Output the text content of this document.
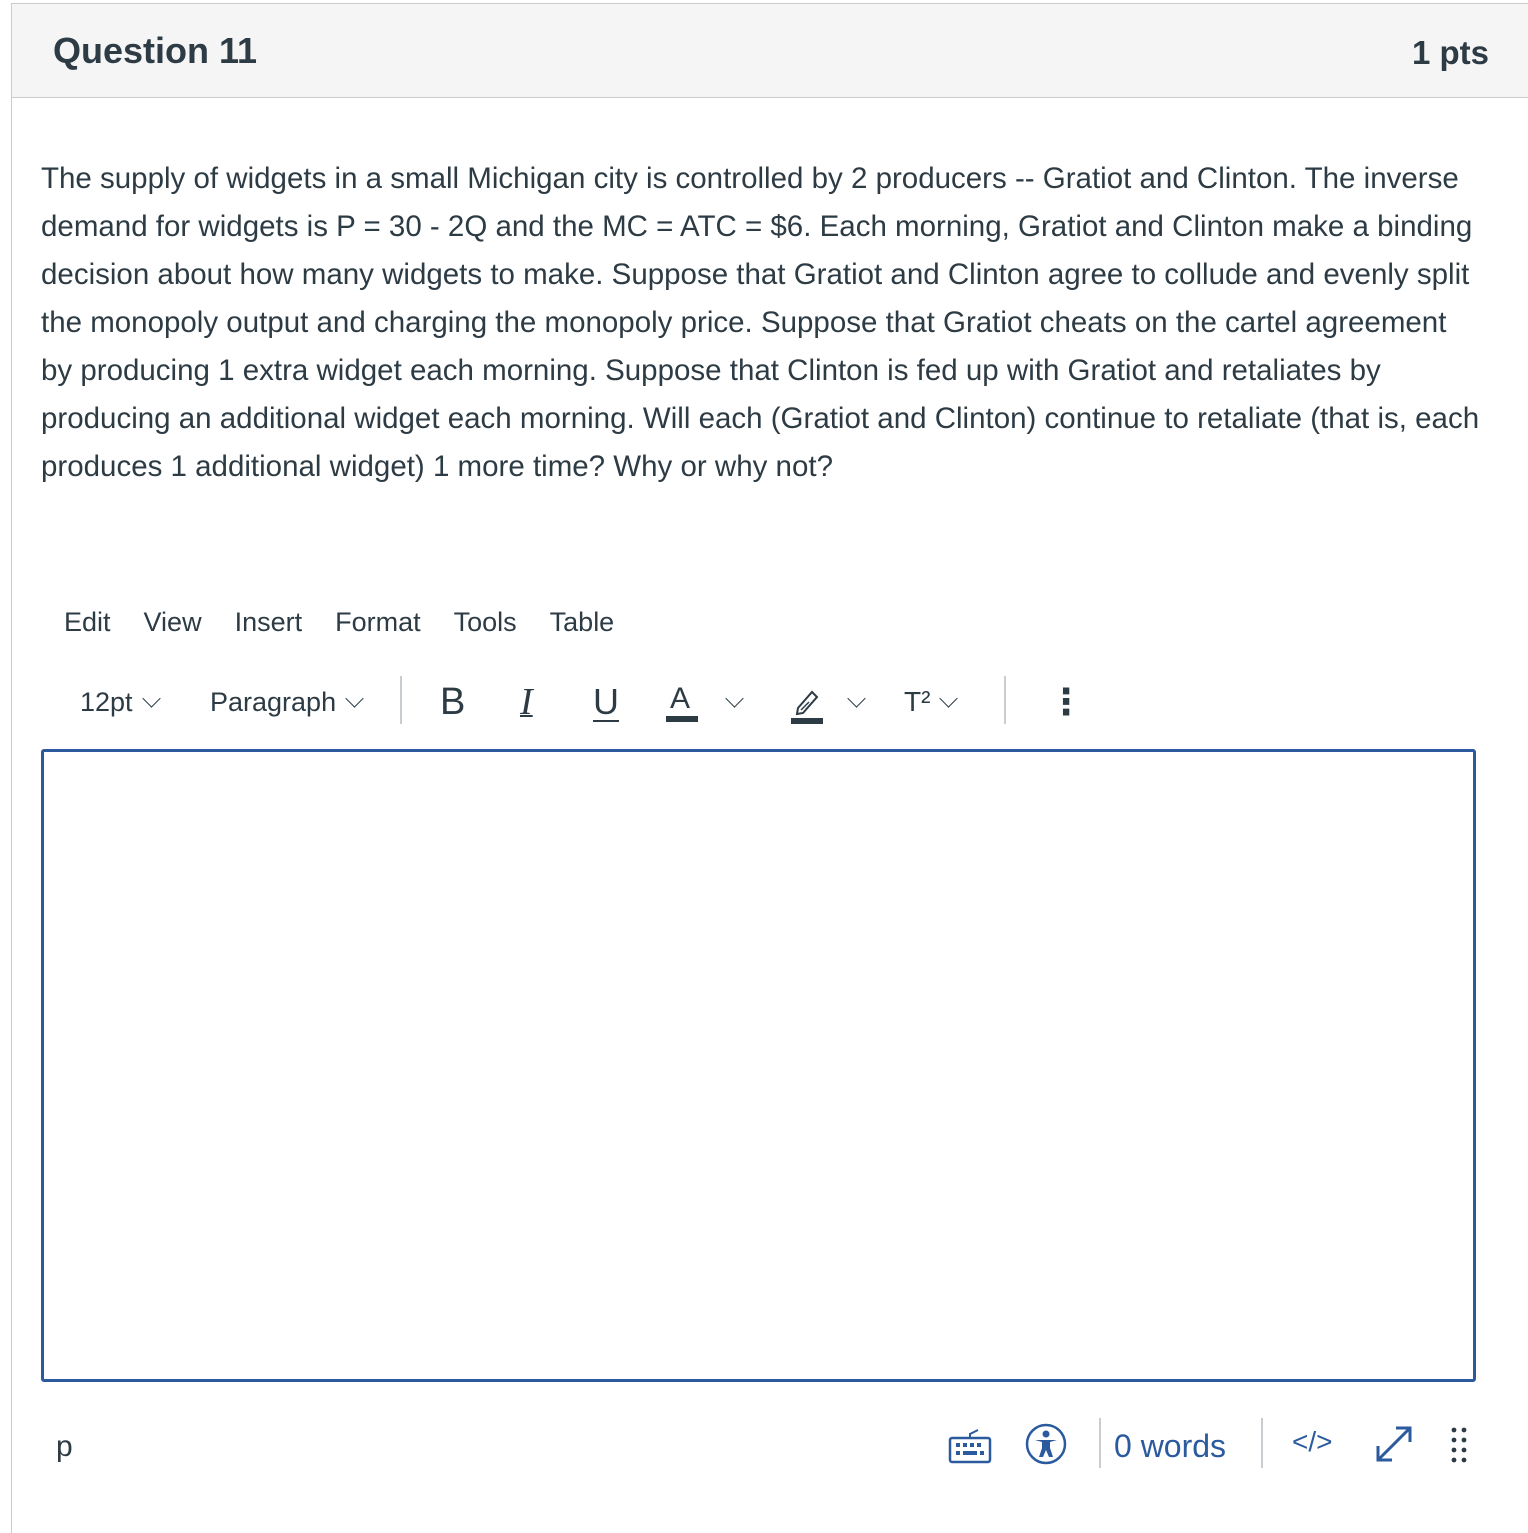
Question 11	1 pts

The supply of widgets in a small Michigan city is controlled by 2 producers -- Gratiot and Clinton. The inverse demand for widgets is P = 30 - 2Q and the MC = ATC = $6. Each morning, Gratiot and Clinton make a binding decision about how many widgets to make. Suppose that Gratiot and Clinton agree to collude and evenly split the monopoly output and charging the monopoly price. Suppose that Gratiot cheats on the cartel agreement by producing 1 extra widget each morning. Suppose that Clinton is fed up with Gratiot and retaliates by producing an additional widget each morning. Will each (Gratiot and Clinton) continue to retaliate (that is, each produces 1 additional widget) 1 more time? Why or why not?

Edit View Insert Format Tools Table
12pt	Paragraph	B I U A	T²	⋮
p	0 words </>
